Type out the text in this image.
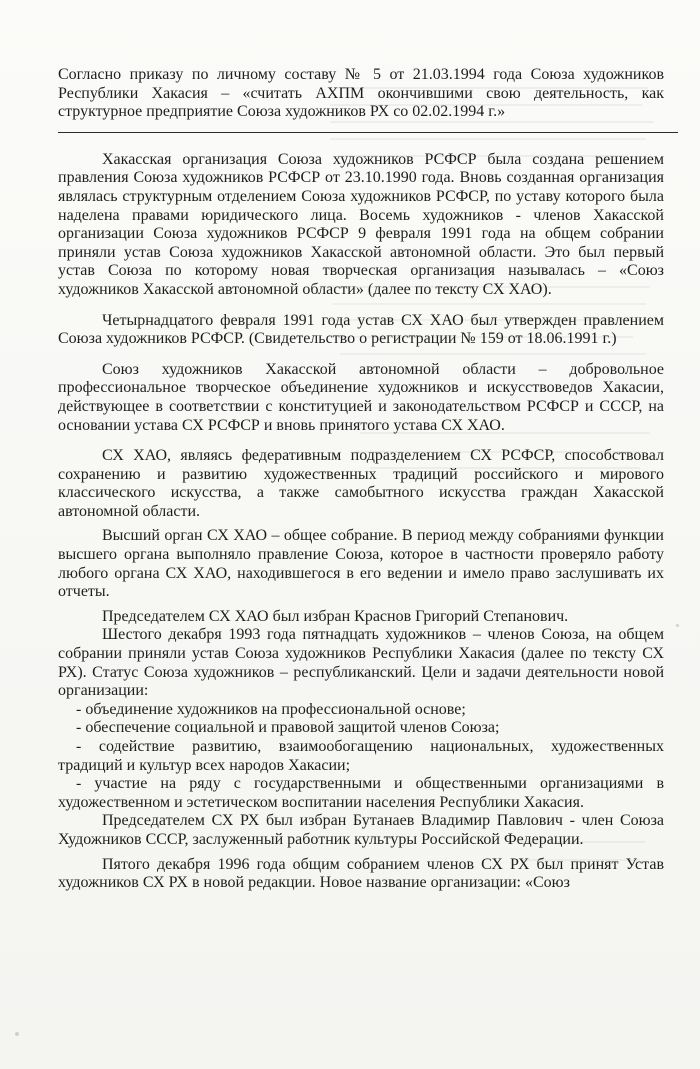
Согласно приказу по личному составу № 5 от 21.03.1994 года Союза художников Республики Хакасия – «считать АХПМ окончившими свою деятельность, как структурное предприятие Союза художников РХ со 02.02.1994 г.»

Хакасская организация Союза художников РСФСР была создана решением правления Союза художников РСФСР от 23.10.1990 года. Вновь созданная организация являлась структурным отделением Союза художников РСФСР, по уставу которого была наделена правами юридического лица. Восемь художников - членов Хакасской организации Союза художников РСФСР 9 февраля 1991 года на общем собрании приняли устав Союза художников Хакасской автономной области. Это был первый устав Союза по которому новая творческая организация называлась – «Союз художников Хакасской автономной области» (далее по тексту СХ ХАО).

Четырнадцатого февраля 1991 года устав СХ ХАО был утвержден правлением Союза художников РСФСР. (Свидетельство о регистрации № 159 от 18.06.1991 г.)

Союз художников Хакасской автономной области – добровольное профессиональное творческое объединение художников и искусствоведов Хакасии, действующее в соответствии с конституцией и законодательством РСФСР и СССР, на основании устава СХ РСФСР и вновь принятого устава СХ ХАО.

СХ ХАО, являясь федеративным подразделением СХ РСФСР, способствовал сохранению и развитию художественных традиций российского и мирового классического искусства, а также самобытного искусства граждан Хакасской автономной области.

Высший орган СХ ХАО – общее собрание. В период между собраниями функции высшего органа выполняло правление Союза, которое в частности проверяло работу любого органа СХ ХАО, находившегося в его ведении и имело право заслушивать их отчеты.

Председателем СХ ХАО был избран Краснов Григорий Степанович.

Шестого декабря 1993 года пятнадцать художников – членов Союза, на общем собрании приняли устав Союза художников Республики Хакасия (далее по тексту СХ РХ). Статус Союза художников – республиканский. Цели и задачи деятельности новой организации:

- объединение художников на профессиональной основе;
- обеспечение социальной и правовой защитой членов Союза;
- содействие развитию, взаимообогащению национальных, художественных традиций и культур всех народов Хакасии;
- участие на ряду с государственными и общественными организациями в художественном и эстетическом воспитании населения Республики Хакасия.

Председателем СХ РХ был избран Бутанаев Владимир Павлович - член Союза Художников СССР, заслуженный работник культуры Российской Федерации.

Пятого декабря 1996 года общим собранием членов СХ РХ был принят Устав художников СХ РХ в новой редакции. Новое название организации: «Союз
